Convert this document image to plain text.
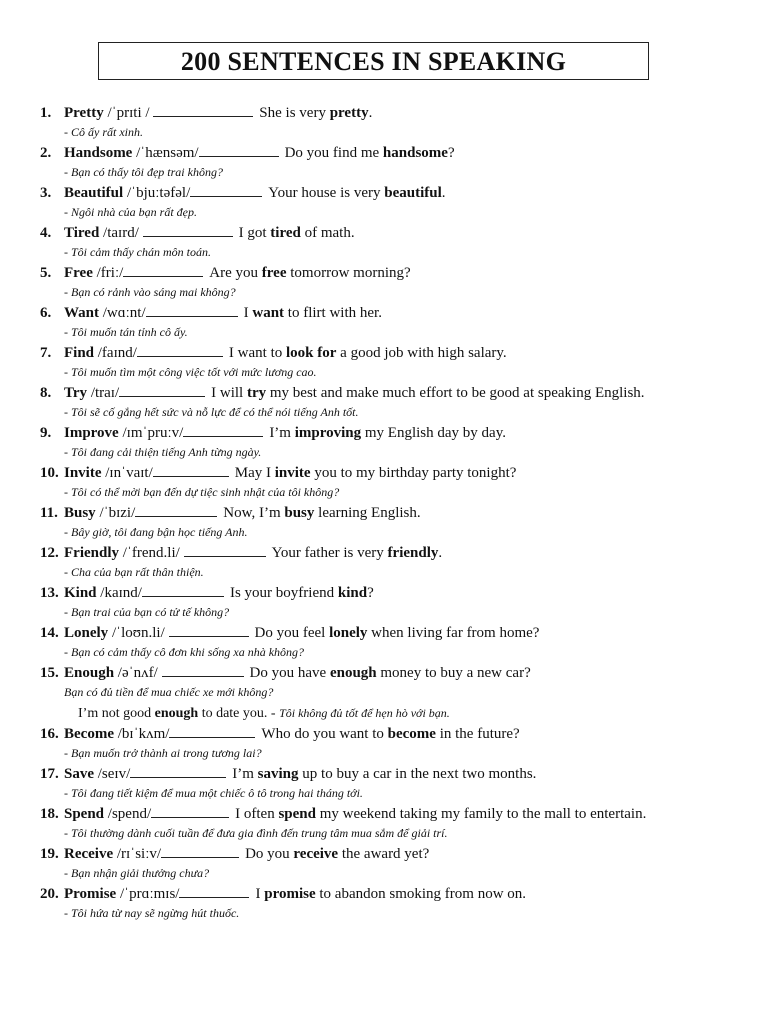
200 SENTENCES IN SPEAKING
1. Pretty /ˈprɪti /	She is very pretty.
- Cô ấy rất xinh.
2. Handsome /ˈhænsəm/	Do you find me handsome?
- Bạn có thấy tôi đẹp trai không?
3. Beautiful /ˈbjuːtəfəl/	Your house is very beautiful.
- Ngôi nhà của bạn rất đẹp.
4. Tired /taɪrd/	I got tired of math.
- Tôi cảm thấy chán môn toán.
5. Free /friː/	Are you free tomorrow morning?
- Bạn có rảnh vào sáng mai không?
6. Want /wɑːnt/	I want to flirt with her.
- Tôi muốn tán tỉnh cô ấy.
7. Find /faɪnd/	I want to look for a good job with high salary.
- Tôi muốn tìm một công việc tốt với mức lương cao.
8. Try /traɪ/	I will try my best and make much effort to be good at speaking English.
- Tôi sẽ cố gắng hết sức và nỗ lực để có thể nói tiếng Anh tốt.
9. Improve /ɪmˈpruːv/	I’m improving my English day by day.
- Tôi đang cải thiện tiếng Anh từng ngày.
10. Invite /ɪnˈvaɪt/	May I invite you to my birthday party tonight?
- Tôi có thể mời bạn đến dự tiệc sinh nhật của tôi không?
11. Busy /ˈbɪzi/	Now, I’m busy learning English.
- Bây giờ, tôi đang bận học tiếng Anh.
12. Friendly /ˈfrend.li/	Your father is very friendly.
- Cha của bạn rất thân thiện.
13. Kind /kaɪnd/	Is your boyfriend kind?
- Bạn trai của bạn có tử tế không?
14. Lonely /ˈloʊn.li/	Do you feel lonely when living far from home?
- Bạn có cảm thấy cô đơn khi sống xa nhà không?
15. Enough /əˈnʌf/	Do you have enough money to buy a new car?
Bạn có đủ tiền để mua chiếc xe mới không?
I’m not good enough to date you. - Tôi không đủ tốt để hẹn hò với bạn.
16. Become /bɪˈkʌm/	Who do you want to become in the future?
- Bạn muốn trở thành ai trong tương lai?
17. Save /seɪv/	I’m saving up to buy a car in the next two months.
- Tôi đang tiết kiệm để mua một chiếc ô tô trong hai tháng tới.
18. Spend /spend/	I often spend my weekend taking my family to the mall to entertain.
- Tôi thường dành cuối tuần để đưa gia đình đến trung tâm mua sắm để giải trí.
19. Receive /rɪˈsiːv/	Do you receive the award yet?
- Bạn nhận giải thưởng chưa?
20. Promise /ˈprɑːmɪs/	I promise to abandon smoking from now on.
- Tôi hứa từ nay sẽ ngừng hút thuốc.
